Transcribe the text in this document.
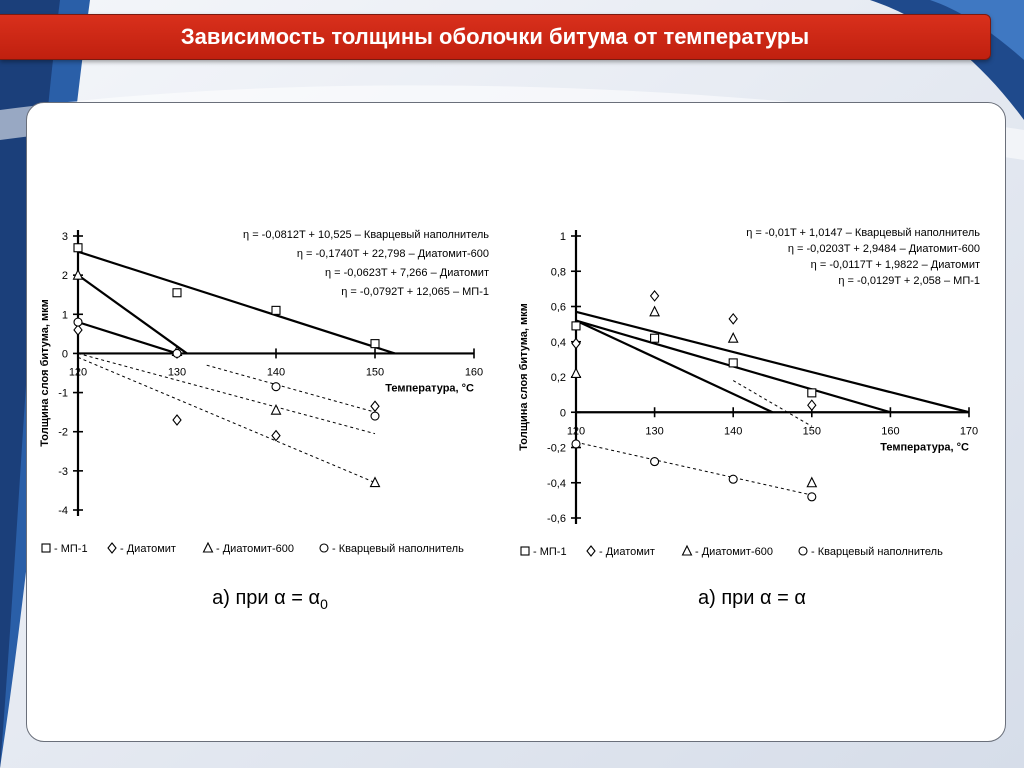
Зависимость толщины оболочки битума от температуры
3
2
1
0
-1
-2
-3
-4
120	130	140	150	160
Температура, °С
Толщина слоя битума, мкм
η = -0,0812T + 10,525 – Кварцевый наполнитель
η = -0,1740T + 22,798 – Диатомит-600
η = -0,0623T + 7,266 – Диатомит
η = -0,0792T + 12,065 – МП-1
- МП-1	- Диатомит	- Диатомит-600	- Кварцевый наполнитель
1
0,8
0,6
0,4
0,2
0
-0,2
-0,4
-0,6
120	130	140	150	160	170
Температура, °С
Толщина слоя битума, мкм
η = -0,01T + 1,0147 – Кварцевый наполнитель
η = -0,0203T + 2,9484 – Диатомит-600
η = -0,0117T + 1,9822 – Диатомит
η = -0,0129T + 2,058 – МП-1
- МП-1	- Диатомит	- Диатомит-600	- Кварцевый наполнитель
а) при $\alpha = \alpha_0$	а) при α = α
